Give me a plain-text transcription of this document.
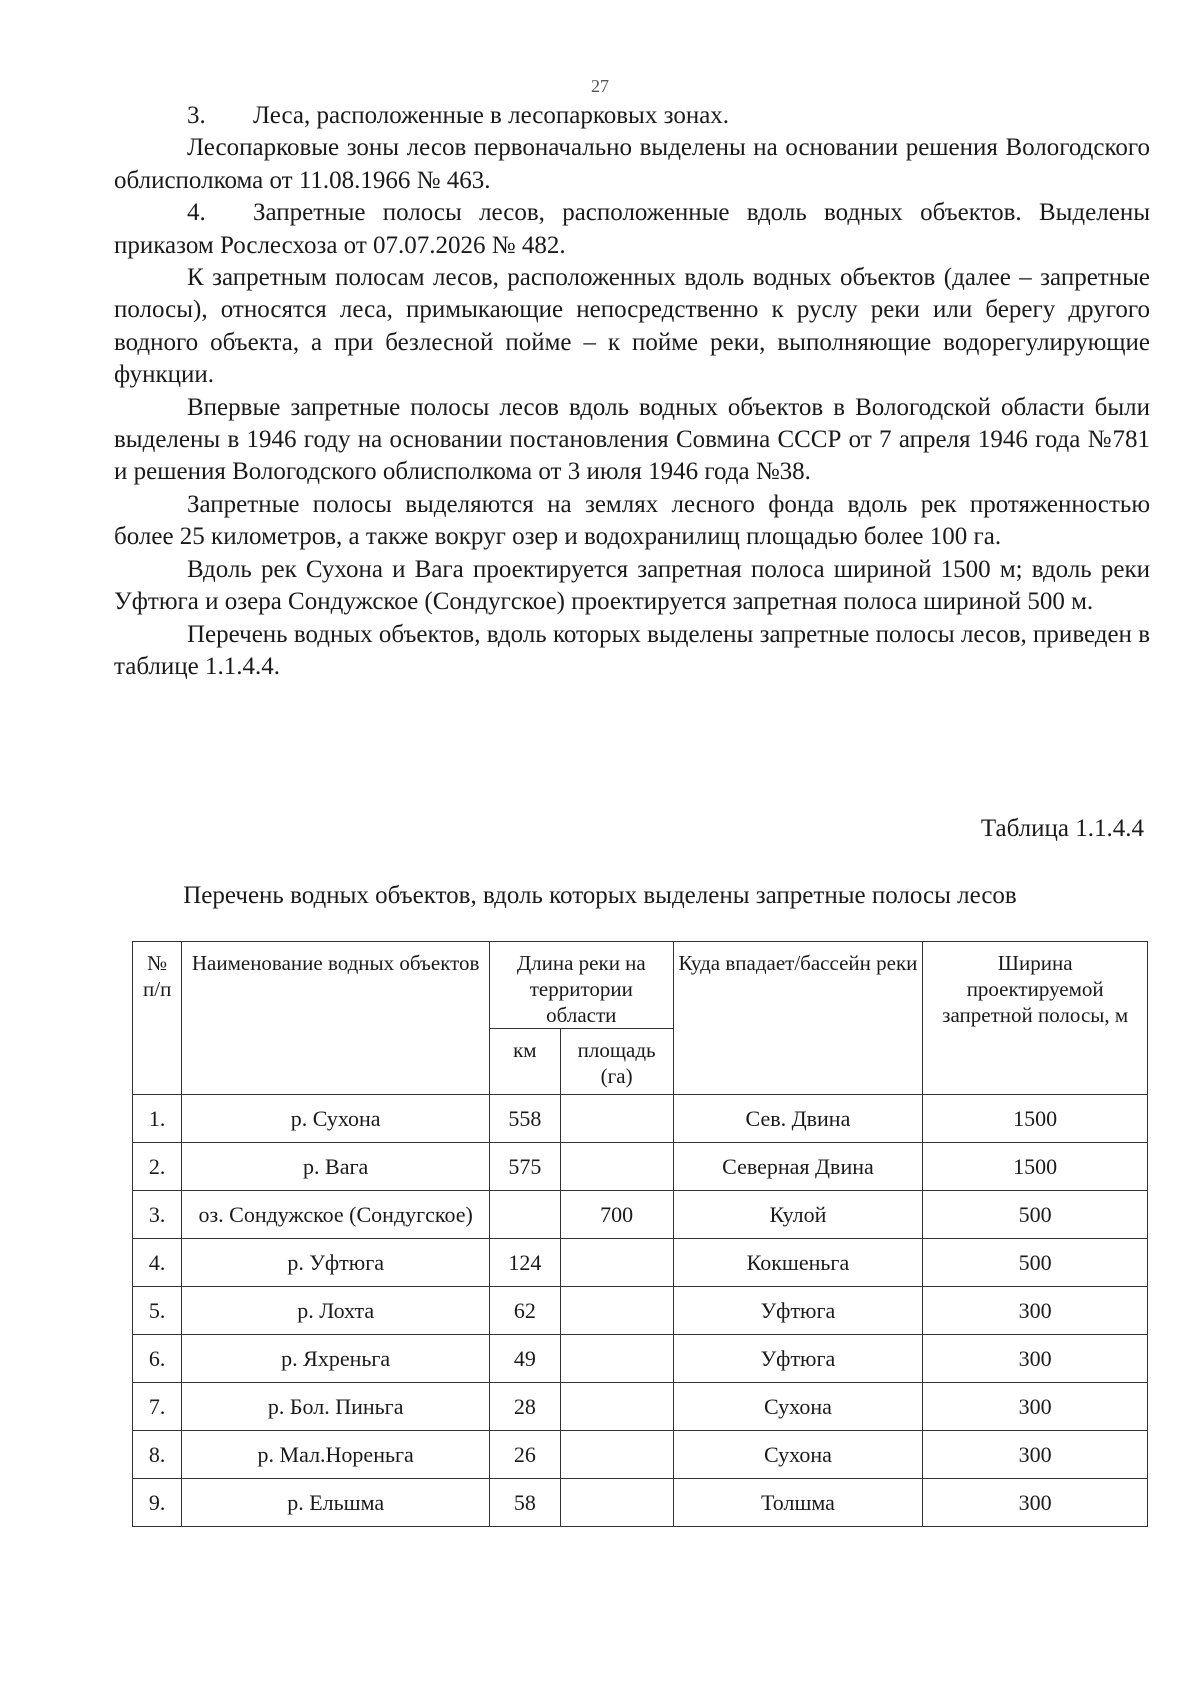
27

3. Леса, расположенные в лесопарковых зонах.

Лесопарковые зоны лесов первоначально выделены на основании решения Вологодского облисполкома от 11.08.1966 № 463.

4. Запретные полосы лесов, расположенные вдоль водных объектов. Выделены приказом Рослесхоза от 07.07.2026 № 482.

К запретным полосам лесов, расположенных вдоль водных объектов (далее – запретные полосы), относятся леса, примыкающие непосредственно к руслу реки или берегу другого водного объекта, а при безлесной пойме – к пойме реки, выполняющие водорегулирующие функции.

Впервые запретные полосы лесов вдоль водных объектов в Вологодской области были выделены в 1946 году на основании постановления Совмина СССР от 7 апреля 1946 года №781 и решения Вологодского облисполкома от 3 июля 1946 года №38.

Запретные полосы выделяются на землях лесного фонда вдоль рек протяженностью более 25 километров, а также вокруг озер и водохранилищ площадью более 100 га.

Вдоль рек Сухона и Вага проектируется запретная полоса шириной 1500 м; вдоль реки Уфтюга и озера Сондужское (Сондугское) проектируется запретная полоса шириной 500 м.

Перечень водных объектов, вдоль которых выделены запретные полосы лесов, приведен в таблице 1.1.4.4.

Таблица 1.1.4.4
Перечень водных объектов, вдоль которых выделены запретные полосы лесов
№ п/п	Наименование водных объектов	Длина реки на территории области		Куда впадает/бассейн реки	Ширина проектируемой запретной полосы, м
		км	площадь (га)		
1.	р. Сухона	558		Сев. Двина	1500
2.	р. Вага	575		Северная Двина	1500
3.	оз. Сондужское (Сондугское)		700	Кулой	500
4.	р. Уфтюга	124		Кокшеньга	500
5.	р. Лохта	62		Уфтюга	300
6.	р. Яхреньга	49		Уфтюга	300
7.	р. Бол. Пиньга	28		Сухона	300
8.	р. Мал.Нореньга	26		Сухона	300
9.	р. Ельшма	58		Толшма	300
